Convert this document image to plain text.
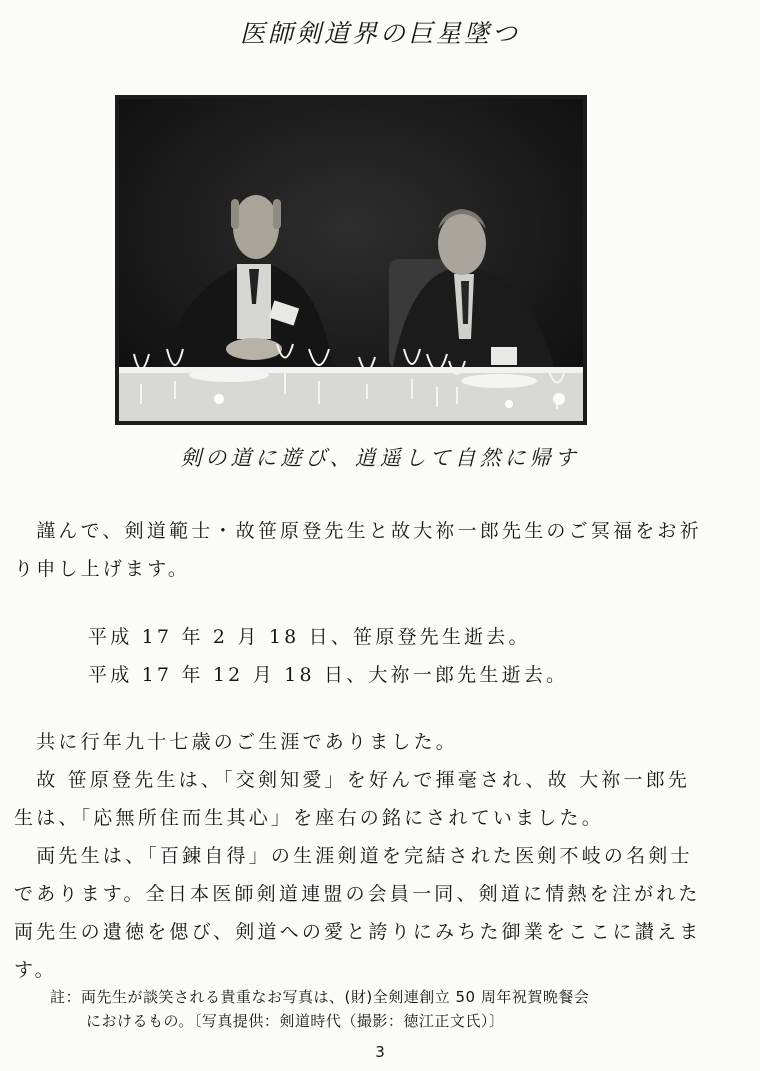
医師剣道界の巨星墜つ
剣の道に遊び、逍遥して自然に帰す

　謹んで、剣道範士・故笹原登先生と故大祢一郎先生のご冥福をお祈り申し上げます。

平成 17 年 2 月 18 日、笹原登先生逝去。
平成 17 年 12 月 18 日、大祢一郎先生逝去。
　共に行年九十七歳のご生涯でありました。
　故 笹原登先生は、「交剣知愛」を好んで揮毫され、故 大祢一郎先生は、「応無所住而生其心」を座右の銘にされていました。
　両先生は、「百錬自得」の生涯剣道を完結された医剣不岐の名剣士であります。全日本医師剣道連盟の会員一同、剣道に情熱を注がれた両先生の遺徳を偲び、剣道への愛と誇りにみちた御業をここに讃えます。
註：両先生が談笑される貴重なお写真は、(財)全剣連創立 50 周年祝賀晩餐会
におけるもの。〔写真提供：剣道時代（撮影：徳江正文氏）〕
3
